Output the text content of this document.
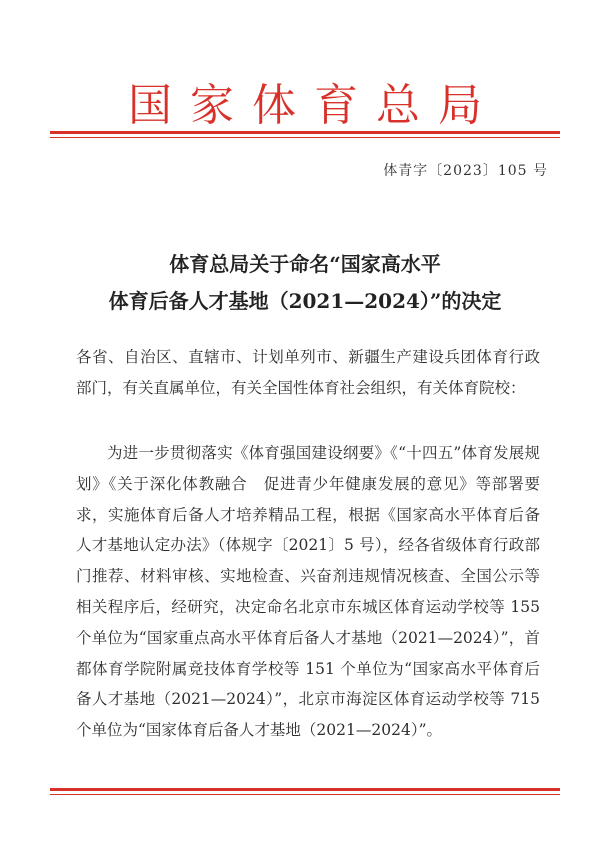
国家体育总局
体青字〔2023〕105 号
体育总局关于命名“国家高水平
体育后备人才基地（2021—2024）”的决定
各省、自治区、直辖市、计划单列市、新疆生产建设兵团体育行政部门，有关直属单位，有关全国性体育社会组织，有关体育院校：
为进一步贯彻落实《体育强国建设纲要》《“十四五”体育发展规划》《关于深化体教融合　促进青少年健康发展的意见》等部署要求，实施体育后备人才培养精品工程，根据《国家高水平体育后备人才基地认定办法》（体规字〔2021〕5 号），经各省级体育行政部门推荐、材料审核、实地检查、兴奋剂违规情况核查、全国公示等相关程序后，经研究，决定命名北京市东城区体育运动学校等 155 个单位为“国家重点高水平体育后备人才基地（2021—2024）”，首都体育学院附属竞技体育学校等 151 个单位为“国家高水平体育后备人才基地（2021—2024）”，北京市海淀区体育运动学校等 715 个单位为“国家体育后备人才基地（2021—2024）”。
